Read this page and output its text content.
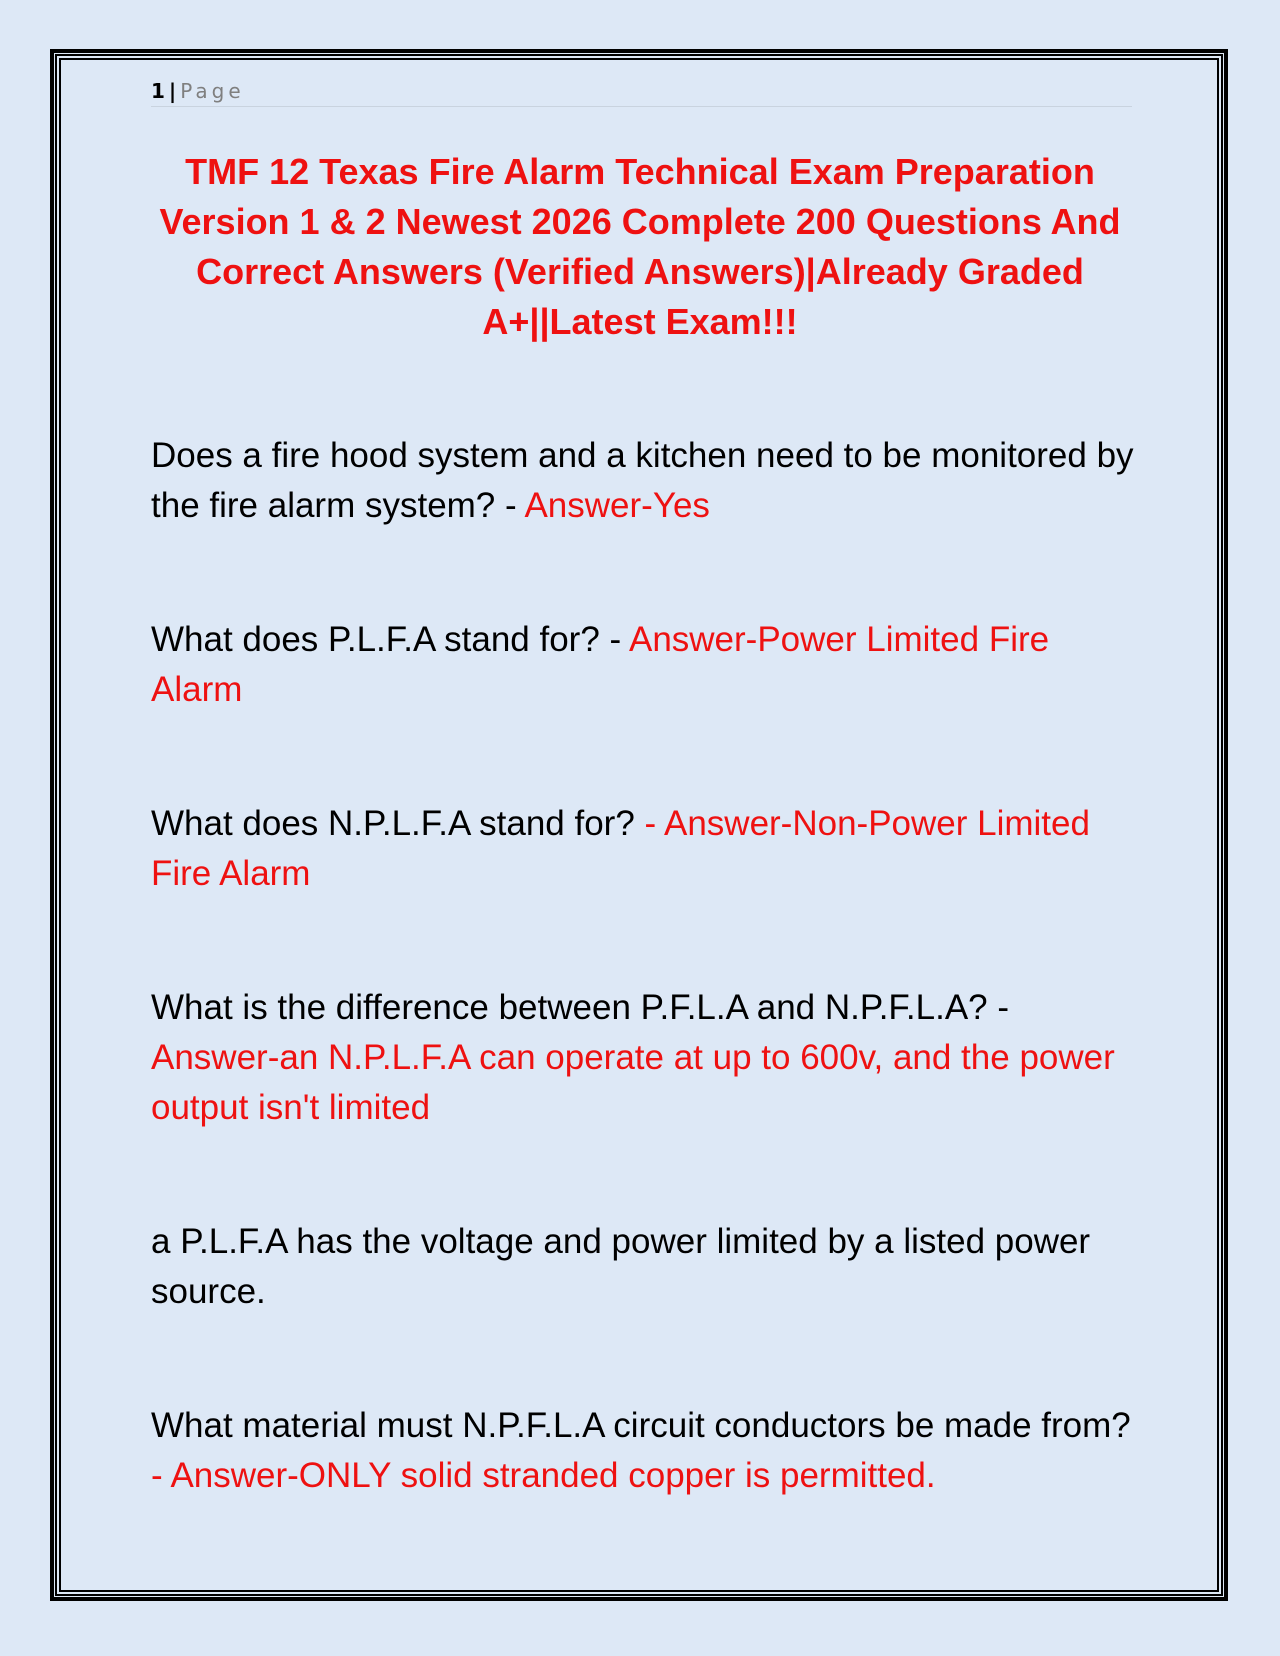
1 | Page
TMF 12 Texas Fire Alarm Technical Exam Preparation Version 1 & 2 Newest 2026 Complete 200 Questions And Correct Answers (Verified Answers)|Already Graded A+||Latest Exam!!!
Does a fire hood system and a kitchen need to be monitored by the fire alarm system? - Answer-Yes
What does P.L.F.A stand for? - Answer-Power Limited Fire Alarm
What does N.P.L.F.A stand for? - Answer-Non-Power Limited Fire Alarm
What is the difference between P.F.L.A and N.P.F.L.A? - Answer-an N.P.L.F.A can operate at up to 600v, and the power output isn't limited
a P.L.F.A has the voltage and power limited by a listed power source.
What material must N.P.F.L.A circuit conductors be made from? - Answer-ONLY solid stranded copper is permitted.
